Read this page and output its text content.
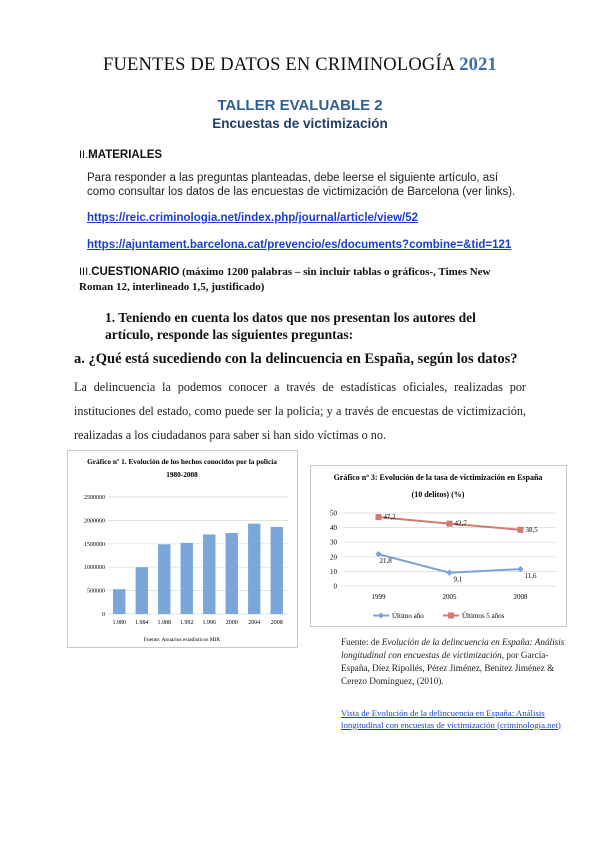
FUENTES DE DATOS EN CRIMINOLOGÍA 2021
TALLER EVALUABLE 2
Encuestas de victimización
II.MATERIALES
Para responder a las preguntas planteadas, debe leerse el siguiente artículo, así como consultar los datos de las encuestas de victimización de Barcelona (ver links).
https://reic.criminologia.net/index.php/journal/article/view/52
https://ajuntament.barcelona.cat/prevencio/es/documents?combine=&tid=121
III.CUESTIONARIO (máximo 1200 palabras – sin incluir tablas o gráficos-, Times New Roman 12, interlineado 1,5, justificado)
1. Teniendo en cuenta los datos que nos presentan los autores del artículo, responde las siguientes preguntas:
a. ¿Qué está sucediendo con la delincuencia en España, según los datos?
La delincuencia la podemos conocer a través de estadísticas oficiales, realizadas por instituciones del estado, como puede ser la policía; y a través de encuestas de victimización, realizadas a los ciudadanos para saber si han sido víctimas o no.
Gráfico nº 1. Evolución de los hechos conocidos por la policía
1980-2008
1.980 1.984 1.988 1.992 1.996 2000 2004 2008
0
500000
1000000
1500000
2000000
2500000
Fuente: Anuarios estadísticos MIR
Gráfico nº 3: Evolución de la tasa de victimización en España
(10 delitos) (%)
0
10
20
30
40
50
1999	2005	2008
21,8
9,1	11,6
47,2
42,7
38,5
Último año	Últimos 5 años
Fuente: de Evolución de la delincuencia en España: Análisis longitudinal con encuestas de victimización, por García-España, Díez Ripollés, Pérez Jiménez, Benítez Jiménez & Cerezo Domínguez, (2010).
Vista de Evolución de la delincuencia en España: Análisis longitudinal con encuestas de victimización (criminologia.net)
